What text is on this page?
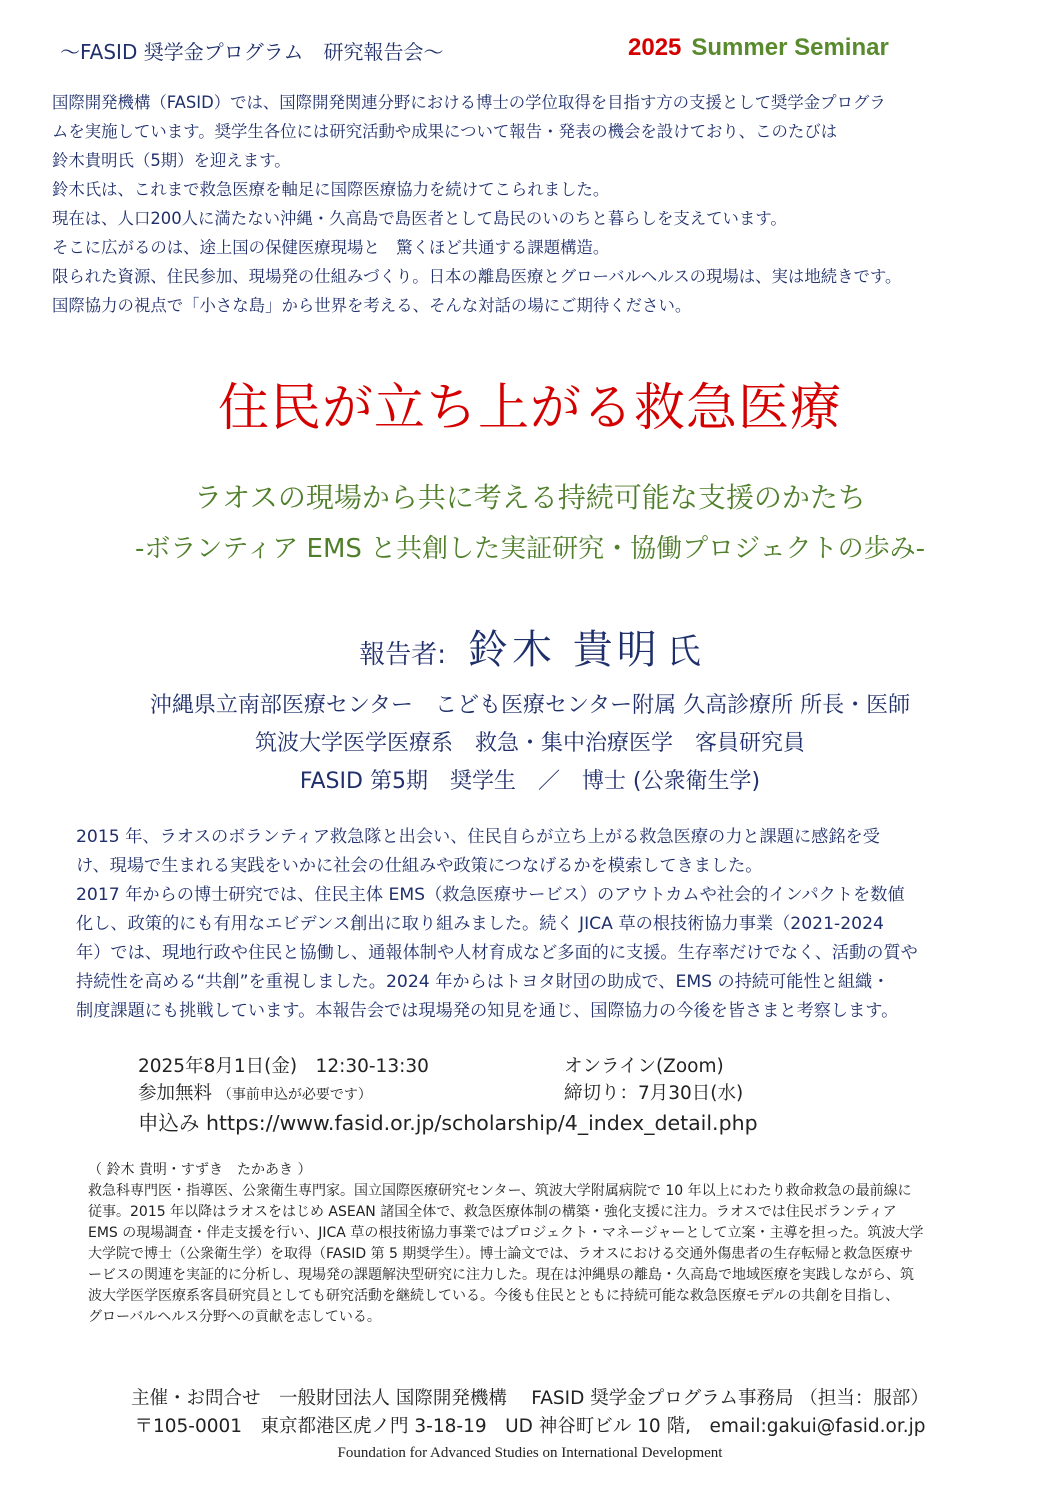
～FASID 奨学金プログラム　研究報告会～	2025 Summer Seminar

国際開発機構（FASID）では、国際開発関連分野における博士の学位取得を目指す方の支援として奨学金プログラ

ムを実施しています。奨学生各位には研究活動や成果について報告・発表の機会を設けており、このたびは

鈴木貴明氏（5期）を迎えます。

鈴木氏は、これまで救急医療を軸足に国際医療協力を続けてこられました。

現在は、人口200人に満たない沖縄・久高島で島医者として島民のいのちと暮らしを支えています。

そこに広がるのは、途上国の保健医療現場と　驚くほど共通する課題構造。

限られた資源、住民参加、現場発の仕組みづくり。日本の離島医療とグローバルヘルスの現場は、実は地続きです。

国際協力の視点で「小さな島」から世界を考える、そんな対話の場にご期待ください。

住民が立ち上がる救急医療
ラオスの現場から共に考える持続可能な支援のかたち
-ボランティア EMS と共創した実証研究・協働プロジェクトの歩み-
報告者: 鈴木 貴明 氏
沖縄県立南部医療センター　こども医療センター附属 久高診療所 所長・医師
筑波大学医学医療系　救急・集中治療医学　客員研究員
FASID 第5期　奨学生　／　博士 (公衆衛生学)

2015 年、ラオスのボランティア救急隊と出会い、住民自らが立ち上がる救急医療の力と課題に感銘を受

け、現場で生まれる実践をいかに社会の仕組みや政策につなげるかを模索してきました。

2017 年からの博士研究では、住民主体 EMS（救急医療サービス）のアウトカムや社会的インパクトを数値

化し、政策的にも有用なエビデンス創出に取り組みました。続く JICA 草の根技術協力事業（2021-2024

年）では、現地行政や住民と協働し、通報体制や人材育成など多面的に支援。生存率だけでなく、活動の質や

持続性を高める“共創”を重視しました。2024 年からはトヨタ財団の助成で、EMS の持続可能性と組織・

制度課題にも挑戦しています。本報告会では現場発の知見を通じ、国際協力の今後を皆さまと考察します。

2025年8月1日(金)　12:30-13:30	オンライン(Zoom)
参加無料 （事前申込が必要です）	締切り：7月30日(水)
申込み https://www.fasid.or.jp/scholarship/4_index_detail.php

（ 鈴木 貴明・すずき　たかあき ）

救急科専門医・指導医、公衆衛生専門家。国立国際医療研究センター、筑波大学附属病院で 10 年以上にわたり救命救急の最前線に

従事。2015 年以降はラオスをはじめ ASEAN 諸国全体で、救急医療体制の構築・強化支援に注力。ラオスでは住民ボランティア

EMS の現場調査・伴走支援を行い、JICA 草の根技術協力事業ではプロジェクト・マネージャーとして立案・主導を担った。筑波大学

大学院で博士（公衆衛生学）を取得（FASID 第 5 期奨学生）。博士論文では、ラオスにおける交通外傷患者の生存転帰と救急医療サ

ービスの関連を実証的に分析し、現場発の課題解決型研究に注力した。現在は沖縄県の離島・久高島で地域医療を実践しながら、筑

波大学医学医療系客員研究員としても研究活動を継続している。今後も住民とともに持続可能な救急医療モデルの共創を目指し、

グローバルヘルス分野への貢献を志している。

主催・お問合せ　一般財団法人 国際開発機構　 FASID 奨学金プログラム事務局 （担当：服部）
〒105-0001　東京都港区虎ノ門 3-18-19　UD 神谷町ビル 10 階,　email:gakui@fasid.or.jp
Foundation for Advanced Studies on International Development
